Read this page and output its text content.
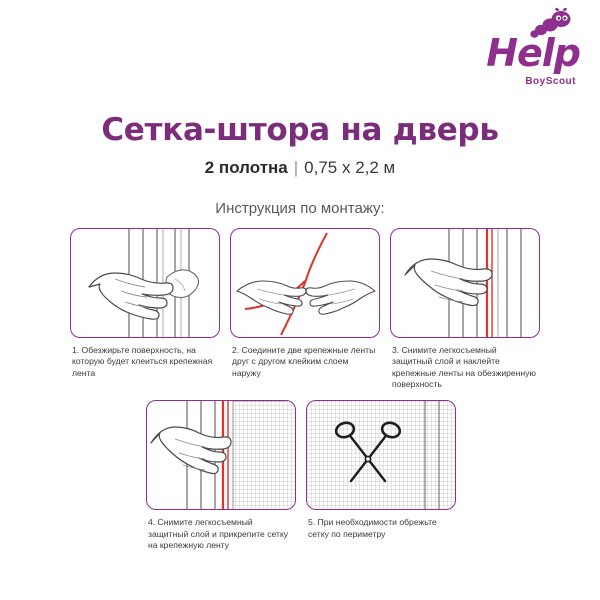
Help
BoyScout
Сетка-штора на дверь
2 полотна | 0,75 х 2,2 м
Инструкция по монтажу:
1. Обезжирьте поверхность, на которую будет клеиться крепежная лента
2. Соедините две крепежные ленты друг с другом клейким слоем наружу
3. Снимите легкосъемный защитный слой и наклейте крепежные ленты на обезжиренную поверхность
4. Снимите легкосъемный защитный слой и прикрепите сетку на крепежную ленту
5. При необходимости обрежьте сетку по периметру
